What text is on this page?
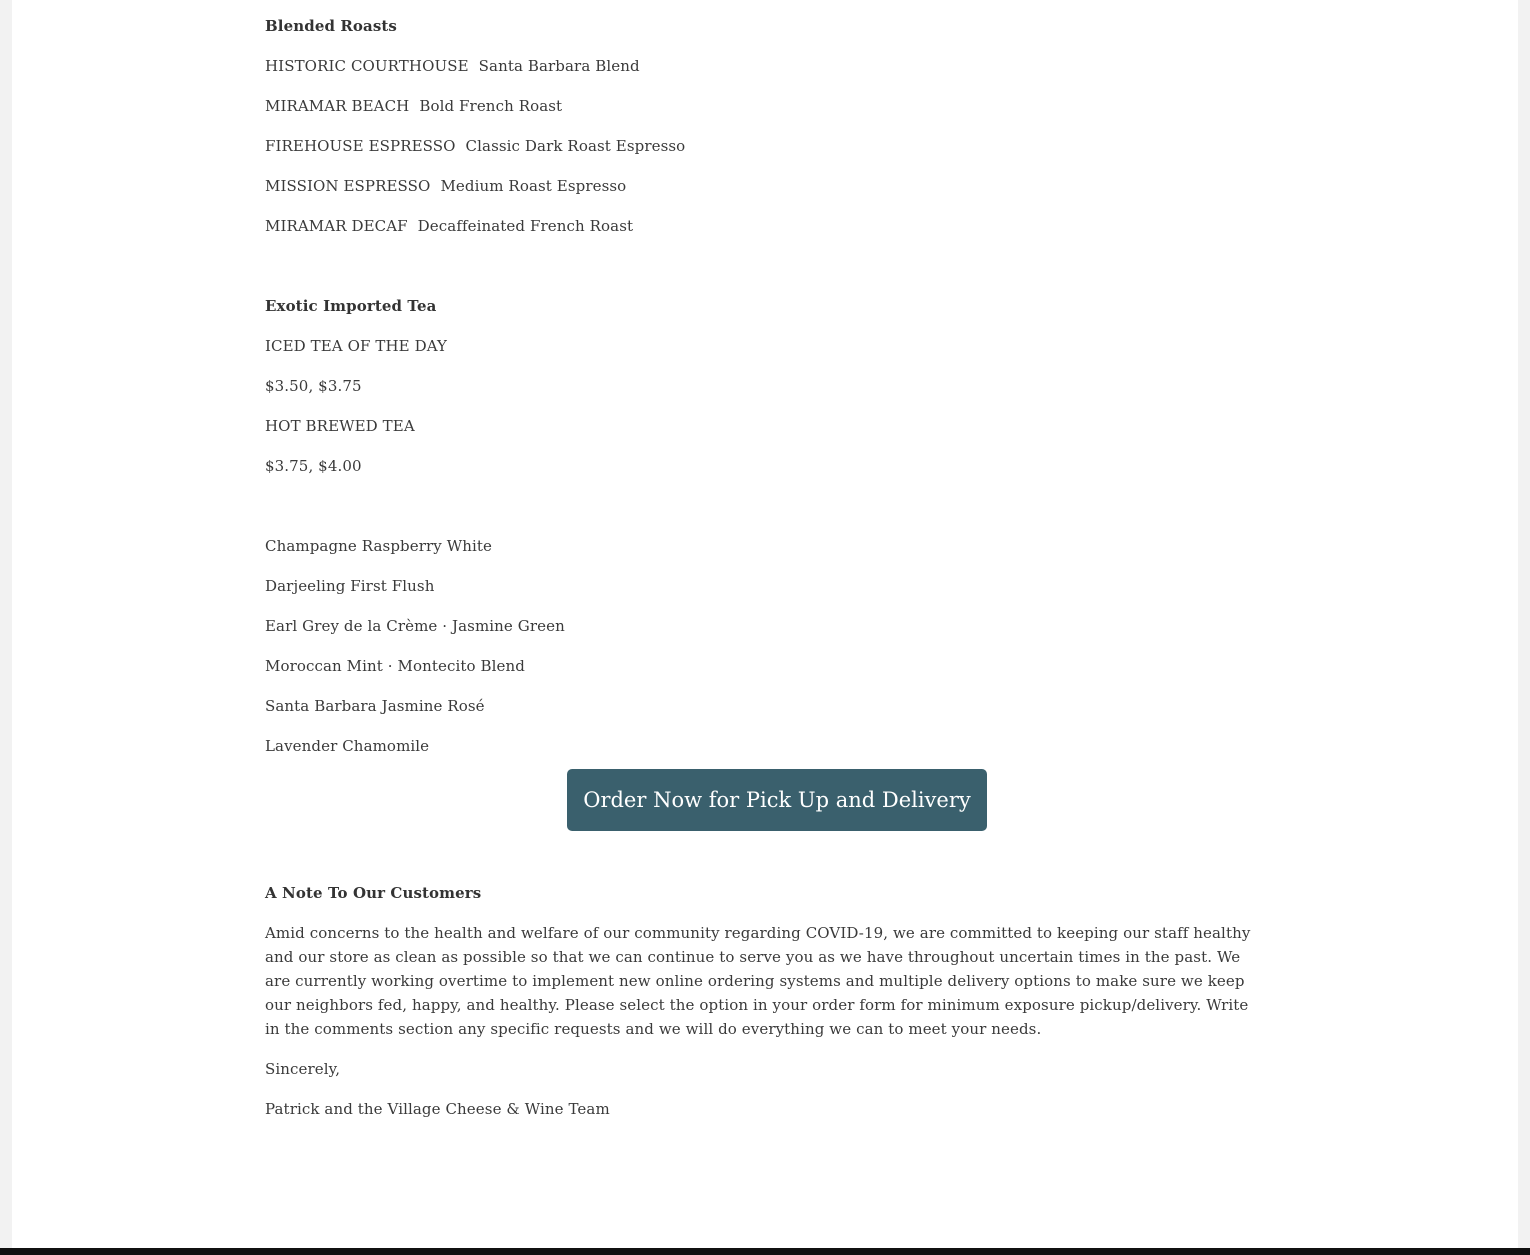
Blended Roasts
HISTORIC COURTHOUSE Santa Barbara Blend
MIRAMAR BEACH Bold French Roast
FIREHOUSE ESPRESSO Classic Dark Roast Espresso
MISSION ESPRESSO Medium Roast Espresso
MIRAMAR DECAF Decaffeinated French Roast
Exotic Imported Tea
ICED TEA OF THE DAY
$3.50, $3.75
HOT BREWED TEA
$3.75, $4.00
Champagne Raspberry White
Darjeeling First Flush
Earl Grey de la Crème · Jasmine Green
Moroccan Mint · Montecito Blend
Santa Barbara Jasmine Rosé
Lavender Chamomile
Order Now for Pick Up and Delivery
A Note To Our Customers
Amid concerns to the health and welfare of our community regarding COVID-19, we are committed to keeping our staff healthy and our store as clean as possible so that we can continue to serve you as we have throughout uncertain times in the past. We are currently working overtime to implement new online ordering systems and multiple delivery options to make sure we keep our neighbors fed, happy, and healthy. Please select the option in your order form for minimum exposure pickup/delivery. Write in the comments section any specific requests and we will do everything we can to meet your needs.
Sincerely,
Patrick and the Village Cheese & Wine Team
